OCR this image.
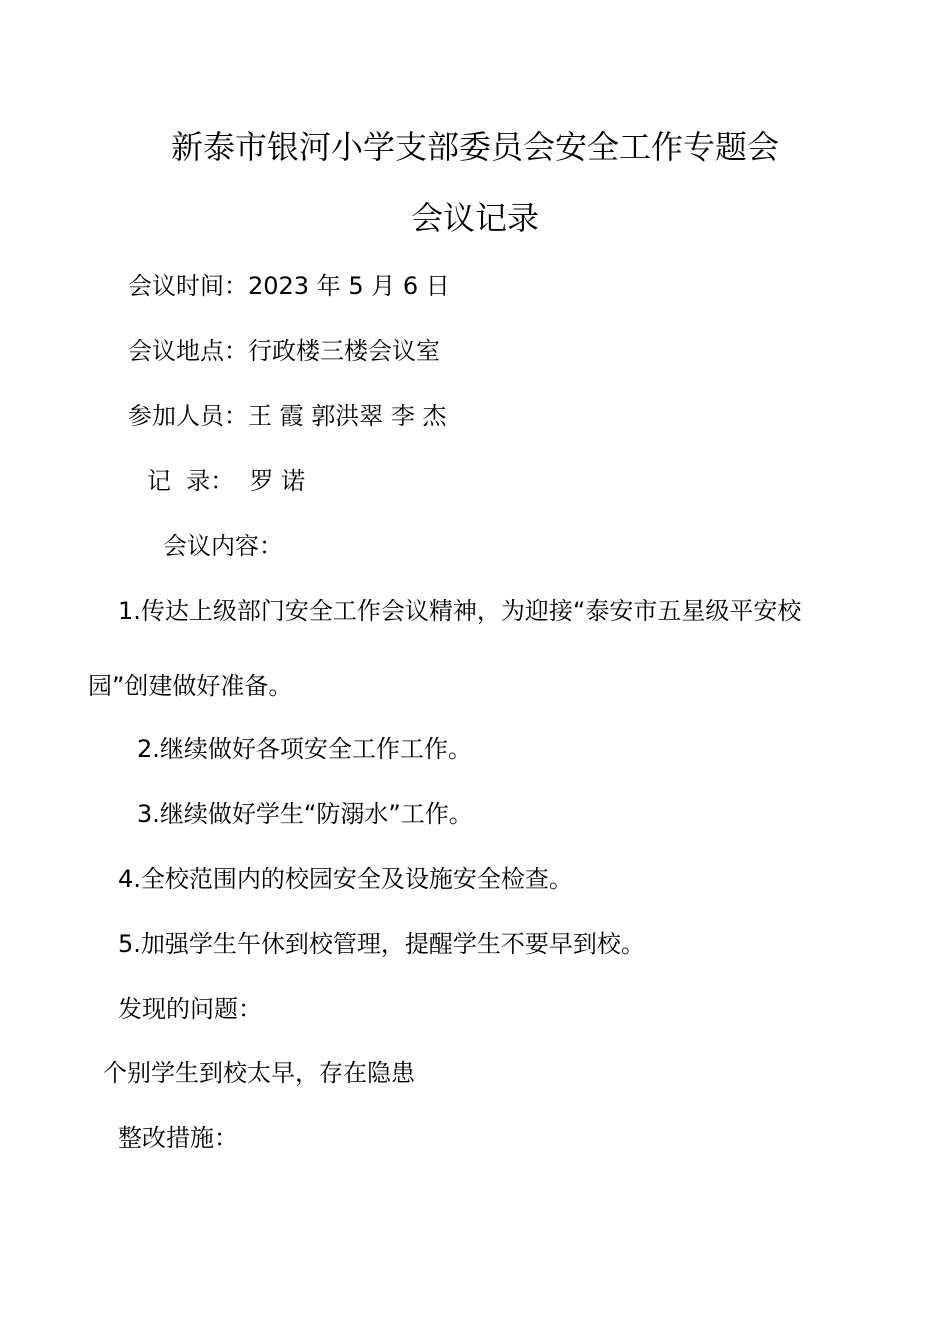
新泰市银河小学支部委员会安全工作专题会
会议记录
会议时间：2023 年 5 月 6 日
会议地点：行政楼三楼会议室
参加人员：王 霞 郭洪翠 李 杰
记  录：  罗 诺
会议内容：
1.传达上级部门安全工作会议精神，为迎接“泰安市五星级平安校
园”创建做好准备。
2.继续做好各项安全工作工作。
3.继续做好学生“防溺水”工作。
4.全校范围内的校园安全及设施安全检查。
5.加强学生午休到校管理，提醒学生不要早到校。
发现的问题：
个别学生到校太早，存在隐患
整改措施：
